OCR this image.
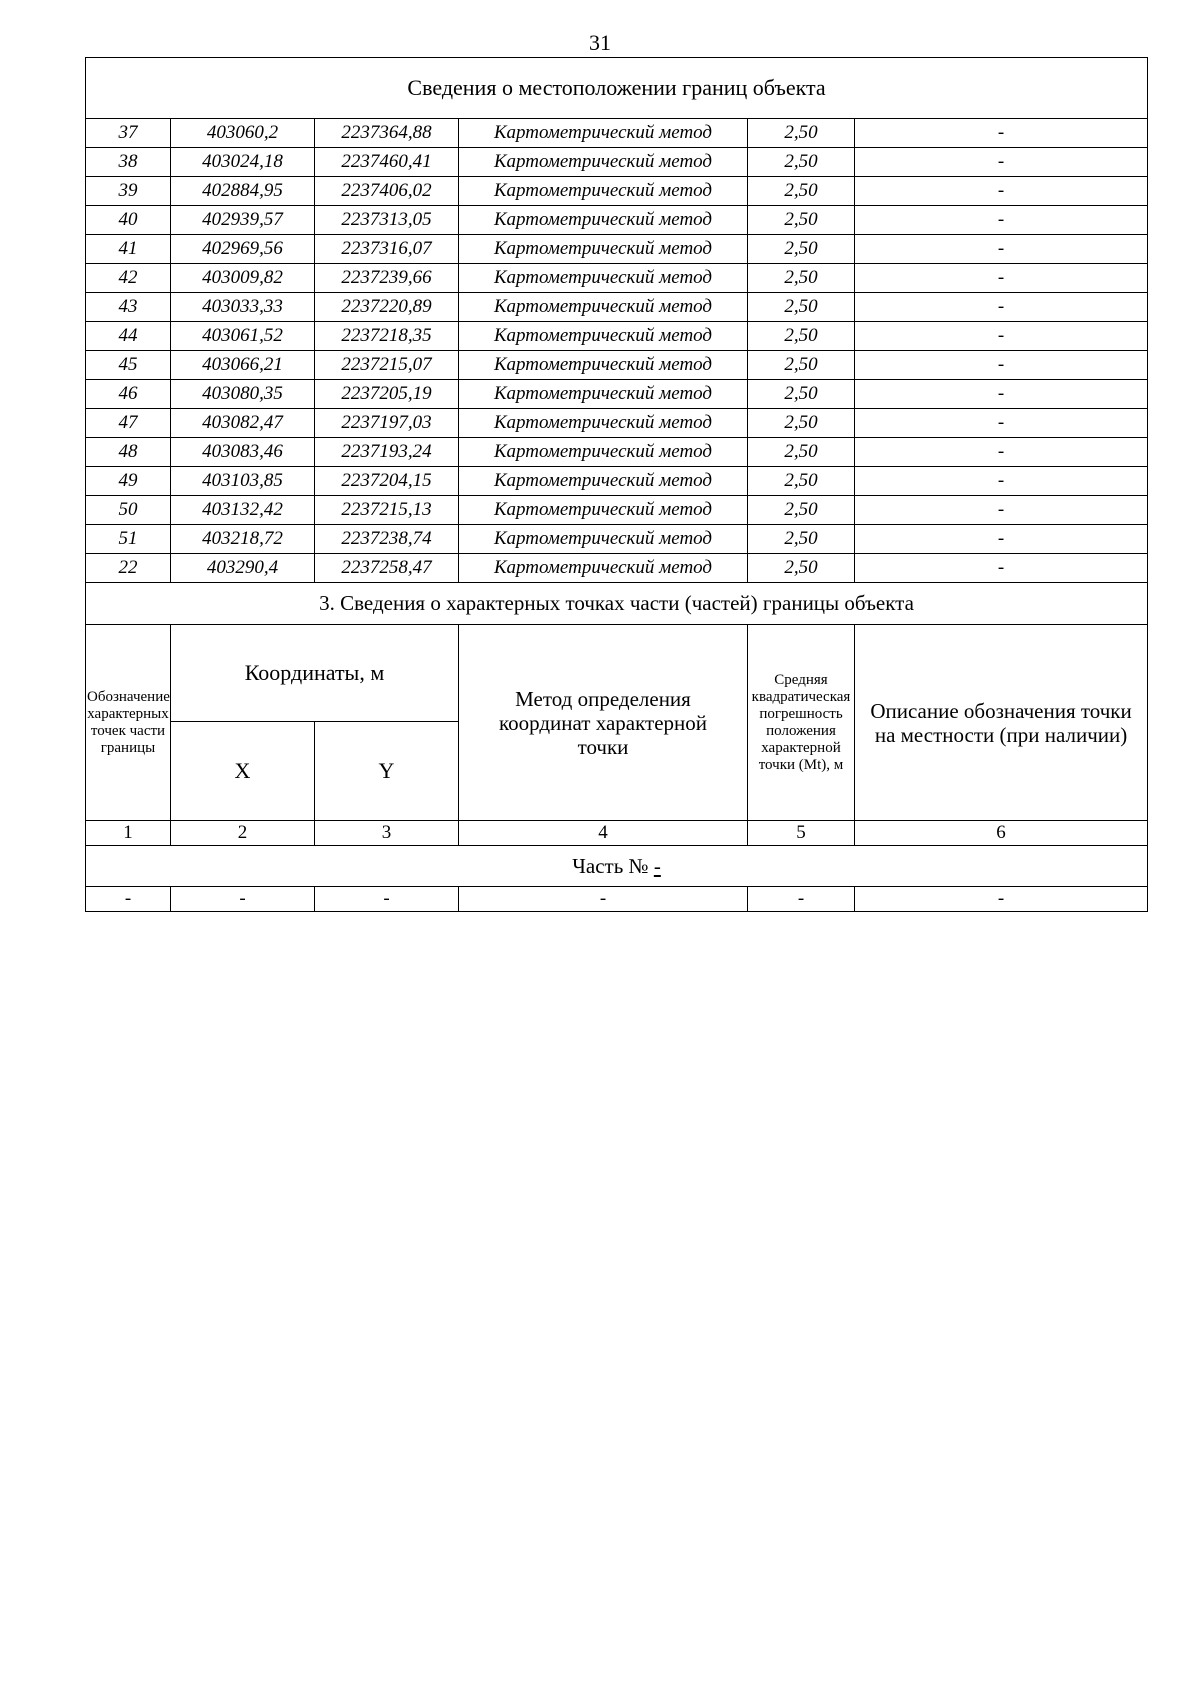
31
Сведения о местоположении границ объекта					
37	403060,2	2237364,88	Картометрический метод	2,50	-
38	403024,18	2237460,41	Картометрический метод	2,50	-
39	402884,95	2237406,02	Картометрический метод	2,50	-
40	402939,57	2237313,05	Картометрический метод	2,50	-
41	402969,56	2237316,07	Картометрический метод	2,50	-
42	403009,82	2237239,66	Картометрический метод	2,50	-
43	403033,33	2237220,89	Картометрический метод	2,50	-
44	403061,52	2237218,35	Картометрический метод	2,50	-
45	403066,21	2237215,07	Картометрический метод	2,50	-
46	403080,35	2237205,19	Картометрический метод	2,50	-
47	403082,47	2237197,03	Картометрический метод	2,50	-
48	403083,46	2237193,24	Картометрический метод	2,50	-
49	403103,85	2237204,15	Картометрический метод	2,50	-
50	403132,42	2237215,13	Картометрический метод	2,50	-
51	403218,72	2237238,74	Картометрический метод	2,50	-
22	403290,4	2237258,47	Картометрический метод	2,50	-
3. Сведения о характерных точках части (частей) границы объекта					
Обозначение характерных точек части границы	Координаты, м		Метод определения координат характерной точки	Средняя квадратическая погрешность положения характерной точки (Mt), м	Описание обозначения точки на местности (при наличии)
	X	Y			
1	2	3	4	5	6
Часть № -					
-	-	-	-	-	-
